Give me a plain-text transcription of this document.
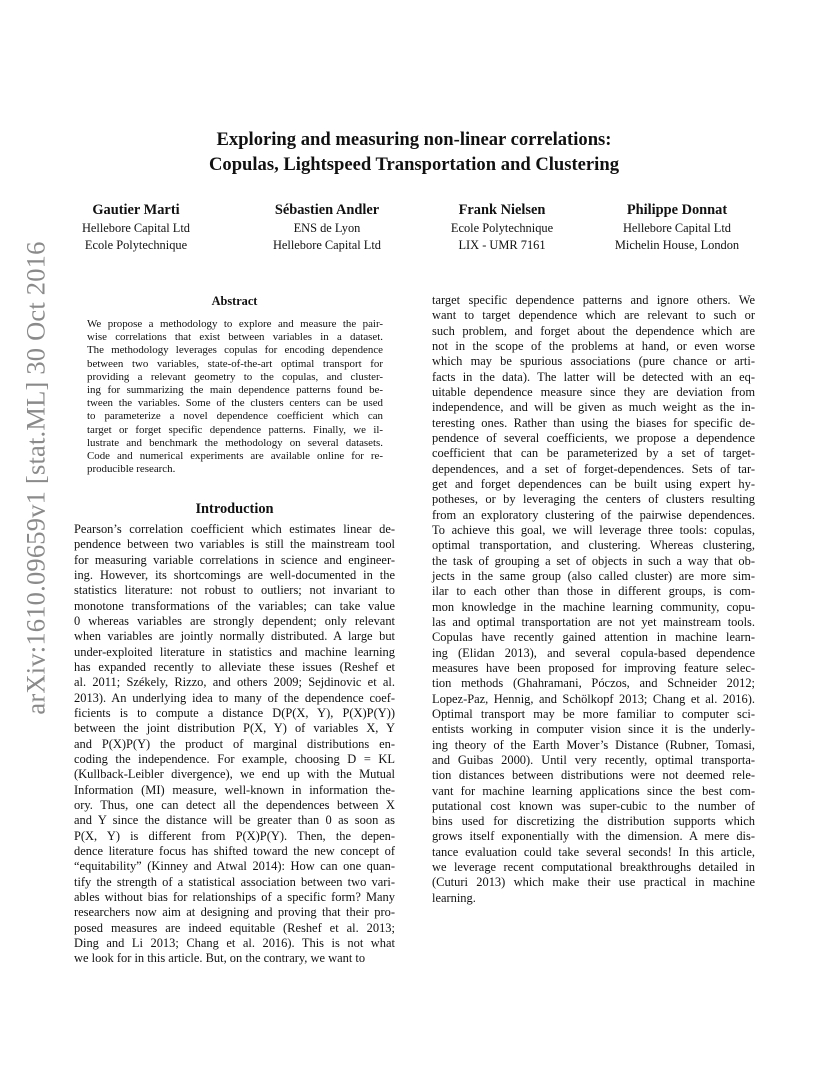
arXiv:1610.09659v1 [stat.ML] 30 Oct 2016
Exploring and measuring non-linear correlations:
Copulas, Lightspeed Transportation and Clustering
Gautier Marti
Hellebore Capital Ltd
Ecole Polytechnique
Sébastien Andler
ENS de Lyon
Hellebore Capital Ltd
Frank Nielsen
Ecole Polytechnique
LIX - UMR 7161
Philippe Donnat
Hellebore Capital Ltd
Michelin House, London
Abstract
We propose a methodology to explore and measure the pair-
wise correlations that exist between variables in a dataset.
The methodology leverages copulas for encoding dependence
between two variables, state-of-the-art optimal transport for
providing a relevant geometry to the copulas, and cluster-
ing for summarizing the main dependence patterns found be-
tween the variables. Some of the clusters centers can be used
to parameterize a novel dependence coefficient which can
target or forget specific dependence patterns. Finally, we il-
lustrate and benchmark the methodology on several datasets.
Code and numerical experiments are available online for re-
producible research.
Introduction
Pearson’s correlation coefficient which estimates linear de-
pendence between two variables is still the mainstream tool
for measuring variable correlations in science and engineer-
ing. However, its shortcomings are well-documented in the
statistics literature: not robust to outliers; not invariant to
monotone transformations of the variables; can take value
0 whereas variables are strongly dependent; only relevant
when variables are jointly normally distributed. A large but
under-exploited literature in statistics and machine learning
has expanded recently to alleviate these issues (Reshef et
al. 2011; Székely, Rizzo, and others 2009; Sejdinovic et al.
2013). An underlying idea to many of the dependence coef-
ficients is to compute a distance D(P(X, Y), P(X)P(Y))
between the joint distribution P(X, Y) of variables X, Y
and P(X)P(Y) the product of marginal distributions en-
coding the independence. For example, choosing D = KL
(Kullback-Leibler divergence), we end up with the Mutual
Information (MI) measure, well-known in information the-
ory. Thus, one can detect all the dependences between X
and Y since the distance will be greater than 0 as soon as
P(X, Y) is different from P(X)P(Y). Then, the depen-
dence literature focus has shifted toward the new concept of
“equitability” (Kinney and Atwal 2014): How can one quan-
tify the strength of a statistical association between two vari-
ables without bias for relationships of a specific form? Many
researchers now aim at designing and proving that their pro-
posed measures are indeed equitable (Reshef et al. 2013;
Ding and Li 2013; Chang et al. 2016). This is not what
we look for in this article. But, on the contrary, we want to
target specific dependence patterns and ignore others. We
want to target dependence which are relevant to such or
such problem, and forget about the dependence which are
not in the scope of the problems at hand, or even worse
which may be spurious associations (pure chance or arti-
facts in the data). The latter will be detected with an eq-
uitable dependence measure since they are deviation from
independence, and will be given as much weight as the in-
teresting ones. Rather than using the biases for specific de-
pendence of several coefficients, we propose a dependence
coefficient that can be parameterized by a set of target-
dependences, and a set of forget-dependences. Sets of tar-
get and forget dependences can be built using expert hy-
potheses, or by leveraging the centers of clusters resulting
from an exploratory clustering of the pairwise dependences.
To achieve this goal, we will leverage three tools: copulas,
optimal transportation, and clustering. Whereas clustering,
the task of grouping a set of objects in such a way that ob-
jects in the same group (also called cluster) are more sim-
ilar to each other than those in different groups, is com-
mon knowledge in the machine learning community, copu-
las and optimal transportation are not yet mainstream tools.
Copulas have recently gained attention in machine learn-
ing (Elidan 2013), and several copula-based dependence
measures have been proposed for improving feature selec-
tion methods (Ghahramani, Póczos, and Schneider 2012;
Lopez-Paz, Hennig, and Schölkopf 2013; Chang et al. 2016).
Optimal transport may be more familiar to computer sci-
entists working in computer vision since it is the underly-
ing theory of the Earth Mover’s Distance (Rubner, Tomasi,
and Guibas 2000). Until very recently, optimal transporta-
tion distances between distributions were not deemed rele-
vant for machine learning applications since the best com-
putational cost known was super-cubic to the number of
bins used for discretizing the distribution supports which
grows itself exponentially with the dimension. A mere dis-
tance evaluation could take several seconds! In this article,
we leverage recent computational breakthroughs detailed in
(Cuturi 2013) which make their use practical in machine
learning.
